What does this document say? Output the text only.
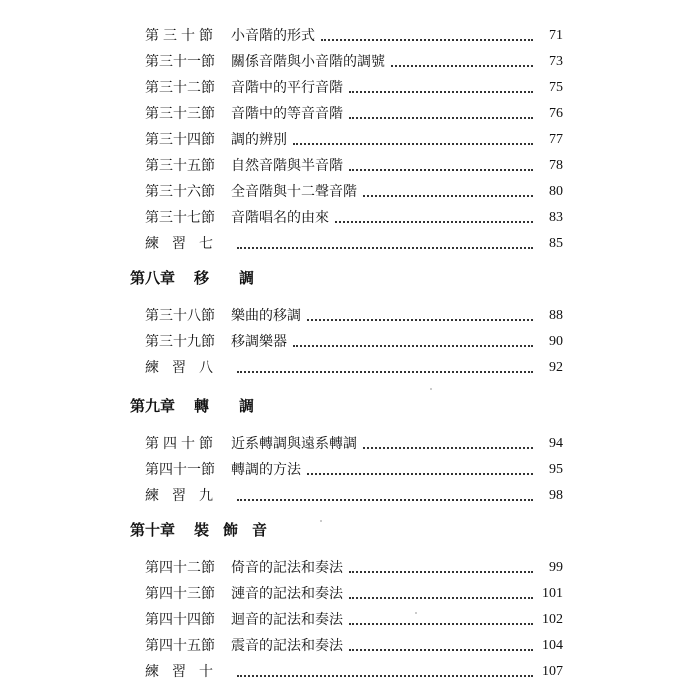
第 三 十 節 小音階的形式	71
第 三 十 一 節 關係音階與小音階的調號	73
第 三 十 二 節 音階中的平行音階	75
第 三 十 三 節 音階中的等音音階	76
第 三 十 四 節 調的辨別	77
第 三 十 五 節 自然音階與半音階	78
第 三 十 六 節 全音階與十二聲音階	80
第 三 十 七 節 音階唱名的由來	83
練 習 七	85
第八章	移 調
第 三 十 八 節 樂曲的移調	88
第 三 十 九 節 移調樂器	90
練 習 八	92
第九章	轉 調
第 四 十 節 近系轉調與遠系轉調	94
第 四 十 一 節 轉調的方法	95
練 習 九	98
第十章	裝 飾 音
第 四 十 二 節 倚音的記法和奏法	99
第 四 十 三 節 漣音的記法和奏法	101
第 四 十 四 節 迴音的記法和奏法	102
第 四 十 五 節 震音的記法和奏法	104
練 習 十	107
